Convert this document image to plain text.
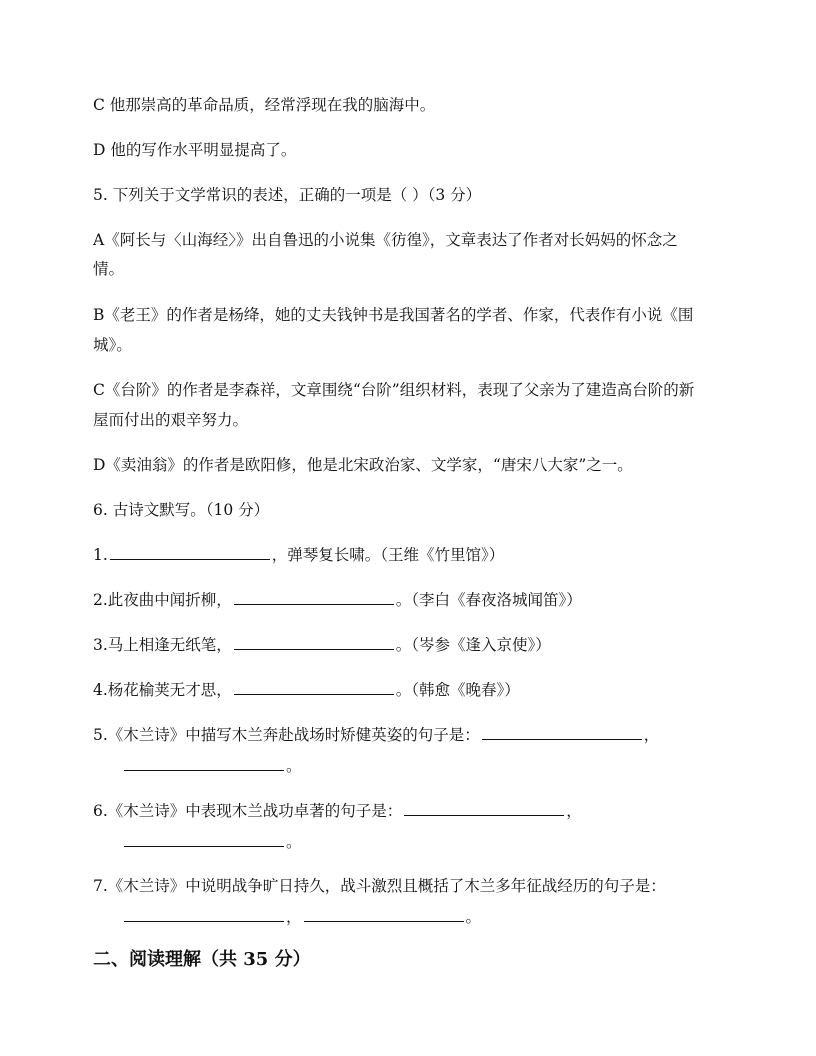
C 他那崇高的革命品质，经常浮现在我的脑海中。
D 他的写作水平明显提高了。
5. 下列关于文学常识的表述，正确的一项是（ ）（3 分）
A《阿长与〈山海经〉》出自鲁迅的小说集《彷徨》，文章表达了作者对长妈妈的怀念之
情。
B《老王》的作者是杨绛，她的丈夫钱钟书是我国著名的学者、作家，代表作有小说《围
城》。
C《台阶》的作者是李森祥，文章围绕“台阶”组织材料，表现了父亲为了建造高台阶的新
屋而付出的艰辛努力。
D《卖油翁》的作者是欧阳修，他是北宋政治家、文学家，“唐宋八大家”之一。
6. 古诗文默写。（10 分）
1.	，弹琴复长啸。（王维《竹里馆》）
2.此夜曲中闻折柳，	。（李白《春夜洛城闻笛》）
3.马上相逢无纸笔，	。（岑参《逢入京使》）
4.杨花榆荚无才思，	。（韩愈《晚春》）
5.《木兰诗》中描写木兰奔赴战场时矫健英姿的句子是：	，
。
6.《木兰诗》中表现木兰战功卓著的句子是：	，
。
7.《木兰诗》中说明战争旷日持久，战斗激烈且概括了木兰多年征战经历的句子是：
，	。
二、阅读理解（共 35 分）
